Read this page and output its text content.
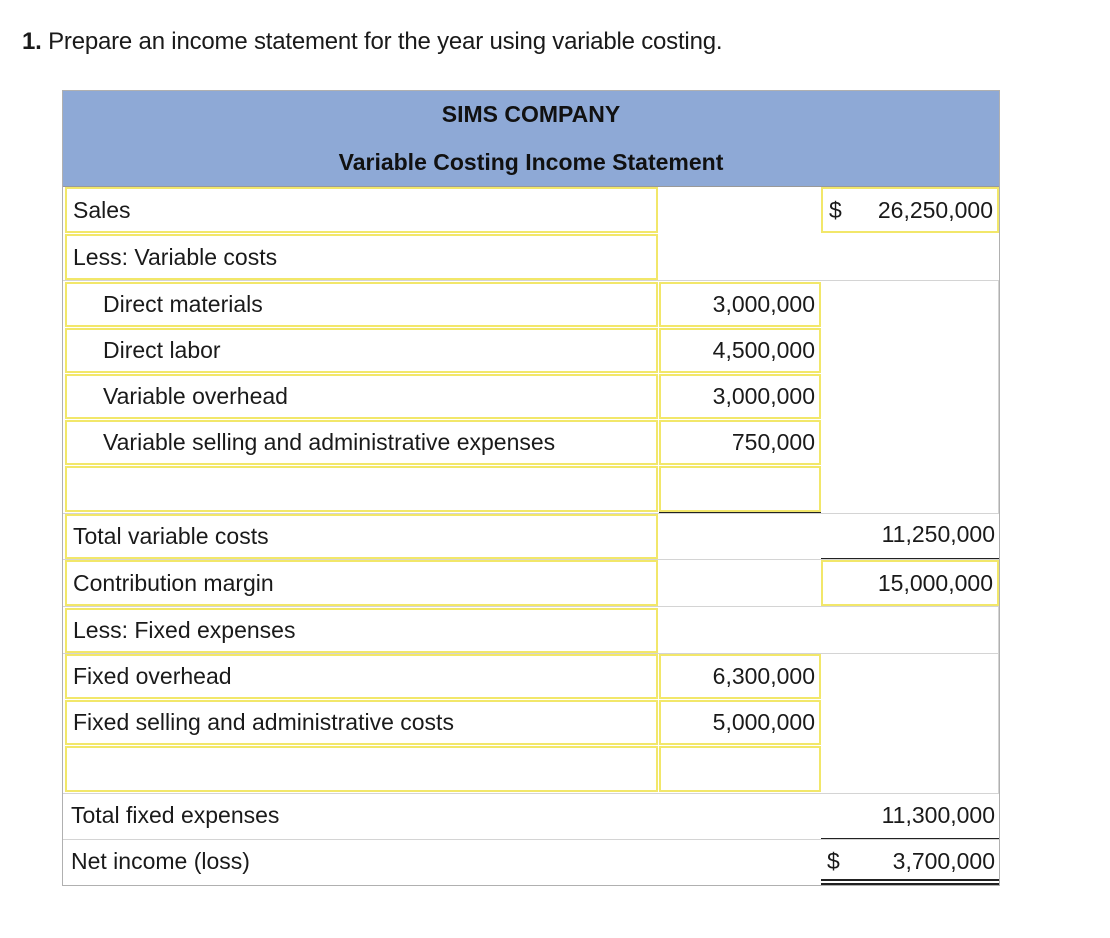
1. Prepare an income statement for the year using variable costing.
SIMS COMPANY
Variable Costing Income Statement
Sales	$ 26,250,000
Less: Variable costs
Direct materials	3,000,000
Direct labor	4,500,000
Variable overhead	3,000,000
Variable selling and administrative expenses	750,000
Total variable costs	11,250,000
Contribution margin	15,000,000
Less: Fixed expenses
Fixed overhead	6,300,000
Fixed selling and administrative costs	5,000,000
Total fixed expenses	11,300,000
Net income (loss)	$ 3,700,000
